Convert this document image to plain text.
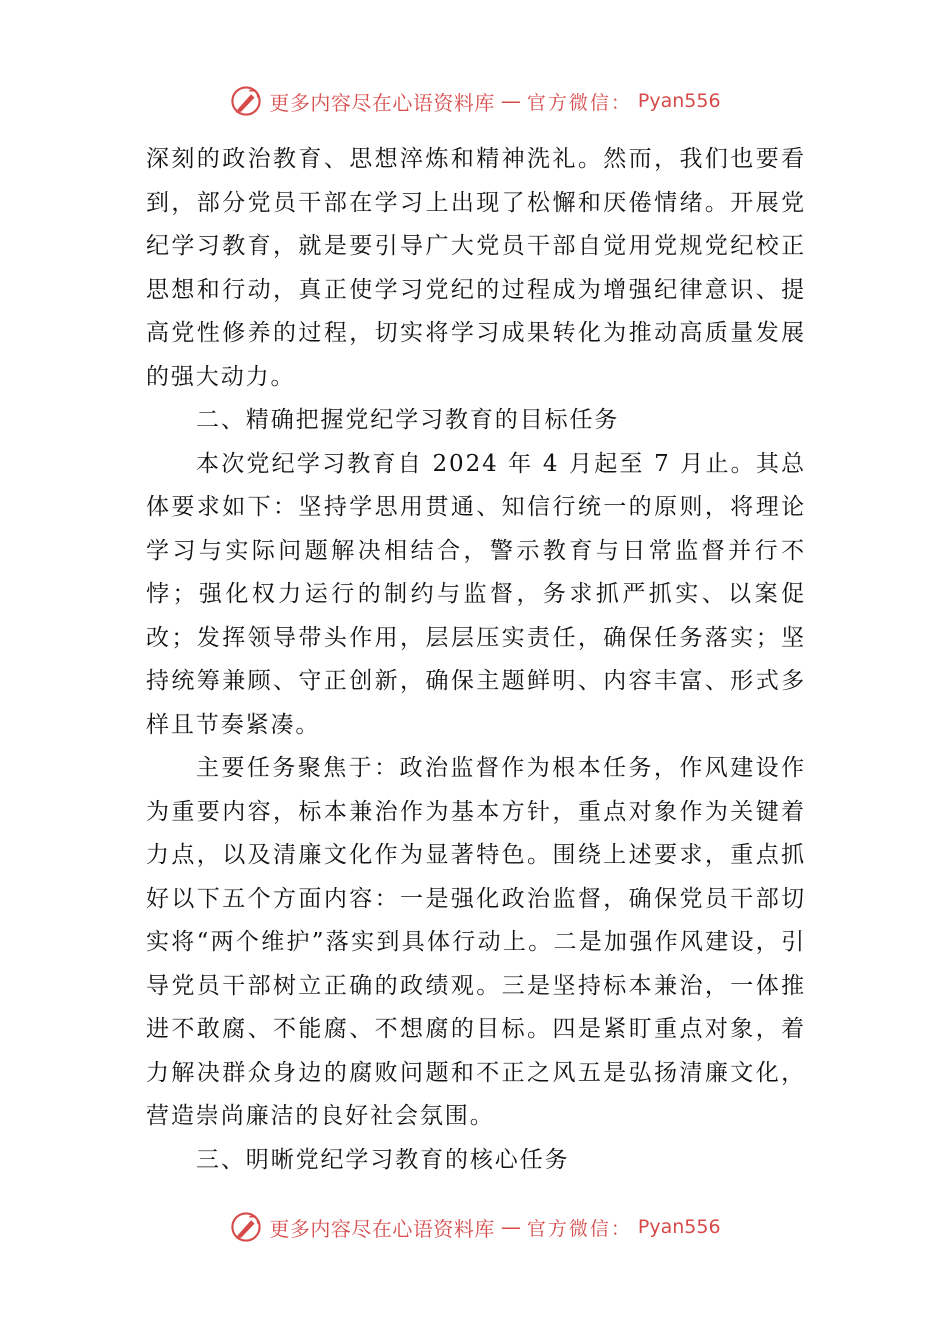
更多内容尽在心语资料库 — 官方微信： Pyan556

深刻的政治教育、思想淬炼和精神洗礼。然而，我们也要看到，部分党员干部在学习上出现了松懈和厌倦情绪。开展党纪学习教育，就是要引导广大党员干部自觉用党规党纪校正思想和行动，真正使学习党纪的过程成为增强纪律意识、提高党性修养的过程，切实将学习成果转化为推动高质量发展的强大动力。

二、精确把握党纪学习教育的目标任务

本次党纪学习教育自 2024 年 4 月起至 7 月止。其总体要求如下：坚持学思用贯通、知信行统一的原则，将理论学习与实际问题解决相结合，警示教育与日常监督并行不悖；强化权力运行的制约与监督，务求抓严抓实、以案促改；发挥领导带头作用，层层压实责任，确保任务落实；坚持统筹兼顾、守正创新，确保主题鲜明、内容丰富、形式多样且节奏紧凑。

主要任务聚焦于：政治监督作为根本任务，作风建设作为重要内容，标本兼治作为基本方针，重点对象作为关键着力点，以及清廉文化作为显著特色。围绕上述要求，重点抓好以下五个方面内容：一是强化政治监督，确保党员干部切实将“两个维护”落实到具体行动上。二是加强作风建设，引导党员干部树立正确的政绩观。三是坚持标本兼治，一体推进不敢腐、不能腐、不想腐的目标。四是紧盯重点对象，着力解决群众身边的腐败问题和不正之风五是弘扬清廉文化，营造崇尚廉洁的良好社会氛围。

三、明晰党纪学习教育的核心任务

更多内容尽在心语资料库 — 官方微信： Pyan556
